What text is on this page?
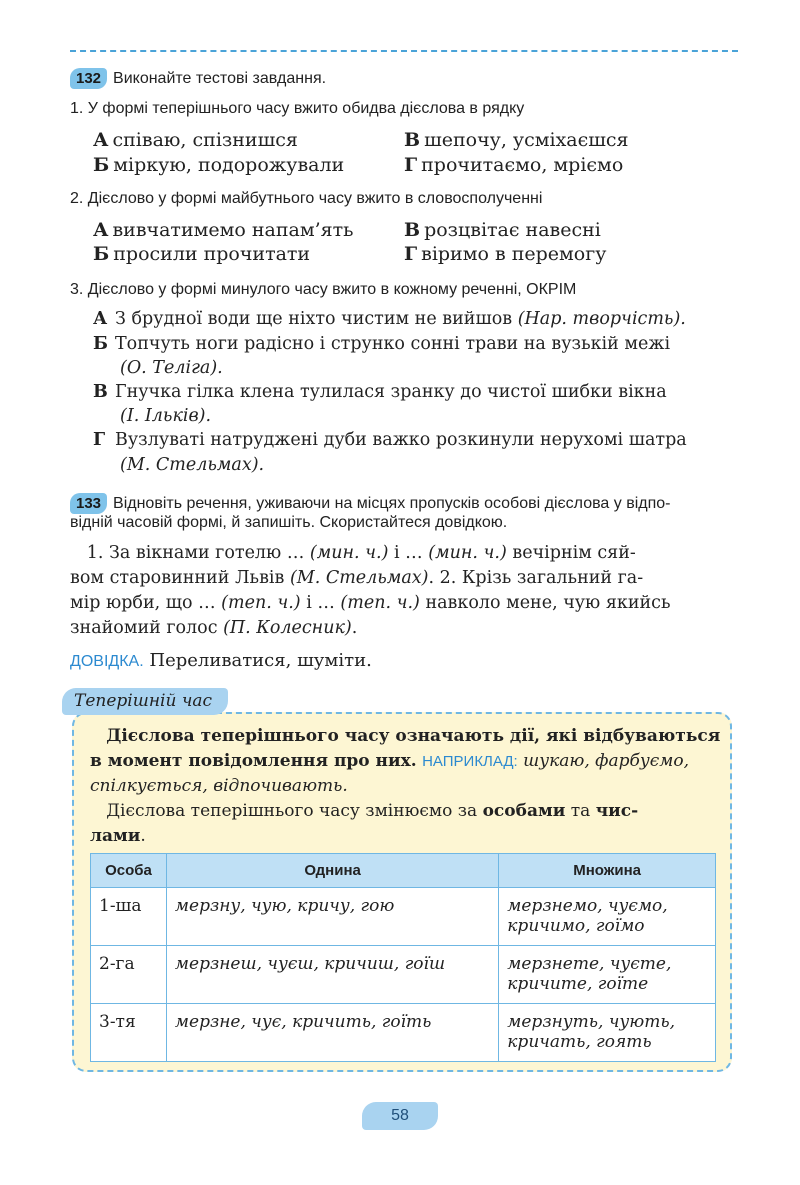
132 Виконайте тестові завдання.
1. У формі теперішнього часу вжито обидва дієслова в рядку
А співаю, спізнишся	В шепочу, усміхаєшся
Б міркую, подорожували	Г прочитаємо, мріємо
2. Дієслово у формі майбутнього часу вжито в словосполученні
А вивчатимемо напам’ять	В розцвітає навесні
Б просили прочитати	Г віримо в перемогу
3. Дієслово у формі минулого часу вжито в кожному реченні, ОКРІМ
А З брудної води ще ніхто чистим не вийшов (Нар. творчість).
Б Топчуть ноги радісно і струнко сонні трави на вузькій межі
(О. Теліга).
В Гнучка гілка клена тулилася зранку до чистої шибки вікна
(І. Ільків).
Г Вузлуваті натруджені дуби важко розкинули нерухомі шатра
(М. Стельмах).
133 Відновіть речення, уживаючи на місцях пропусків особові дієслова у відпо-
відній часовій формі, й запишіть. Скористайтеся довідкою.
1. За вікнами готелю … (мин. ч.) і … (мин. ч.) вечірнім сяй-
вом старовинний Львів (М. Стельмах). 2. Крізь загальний га-
мір юрби, що … (теп. ч.) і … (теп. ч.) навколо мене, чую якийсь
знайомий голос (П. Колесник).
ДОВІДКА. Переливатися, шуміти.
Теперішній час
Дієслова теперішнього часу означають дії, які відбуваються
в момент повідомлення про них. НАПРИКЛАД: шукаю, фарбуємо,
спілкується, відпочивають.
Дієслова теперішнього часу змінюємо за особами та чис-
лами.
Особа	Однина	Множина
1-ша	мерзну, чую, кричу, гою	мерзнемо, чуємо,
кричимо, гоїмо

2-га	мерзнеш, чуєш, кричиш, гоїш	мерзнете, чуєте,
кричите, гоїте

3-тя	мерзне, чує, кричить, гоїть	мерзнуть, чують,
кричать, гоять
58
